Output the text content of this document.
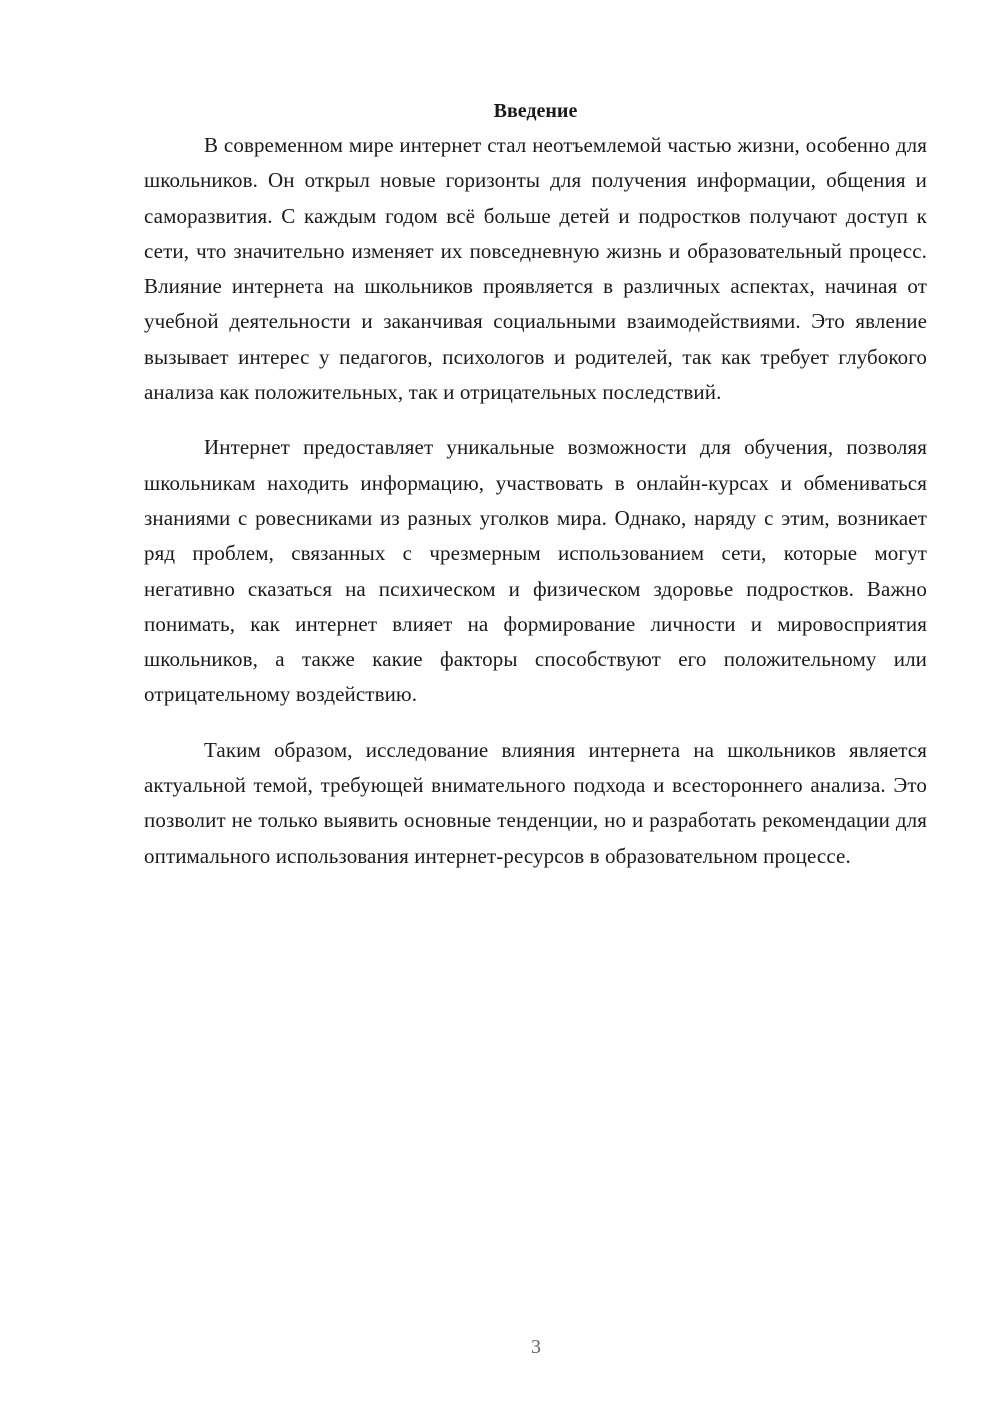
Введение

В современном мире интернет стал неотъемлемой частью жизни, особенно для школьников. Он открыл новые горизонты для получения информации, общения и саморазвития. С каждым годом всё больше детей и подростков получают доступ к сети, что значительно изменяет их повседневную жизнь и образовательный процесс. Влияние интернета на школьников проявляется в различных аспектах, начиная от учебной деятельности и заканчивая социальными взаимодействиями. Это явление вызывает интерес у педагогов, психологов и родителей, так как требует глубокого анализа как положительных, так и отрицательных последствий.

Интернет предоставляет уникальные возможности для обучения, позволяя школьникам находить информацию, участвовать в онлайн-курсах и обмениваться знаниями с ровесниками из разных уголков мира. Однако, наряду с этим, возникает ряд проблем, связанных с чрезмерным использованием сети, которые могут негативно сказаться на психическом и физическом здоровье подростков. Важно понимать, как интернет влияет на формирование личности и мировосприятия школьников, а также какие факторы способствуют его положительному или отрицательному воздействию.

Таким образом, исследование влияния интернета на школьников является актуальной темой, требующей внимательного подхода и всестороннего анализа. Это позволит не только выявить основные тенденции, но и разработать рекомендации для оптимального использования интернет-ресурсов в образовательном процессе.

3
